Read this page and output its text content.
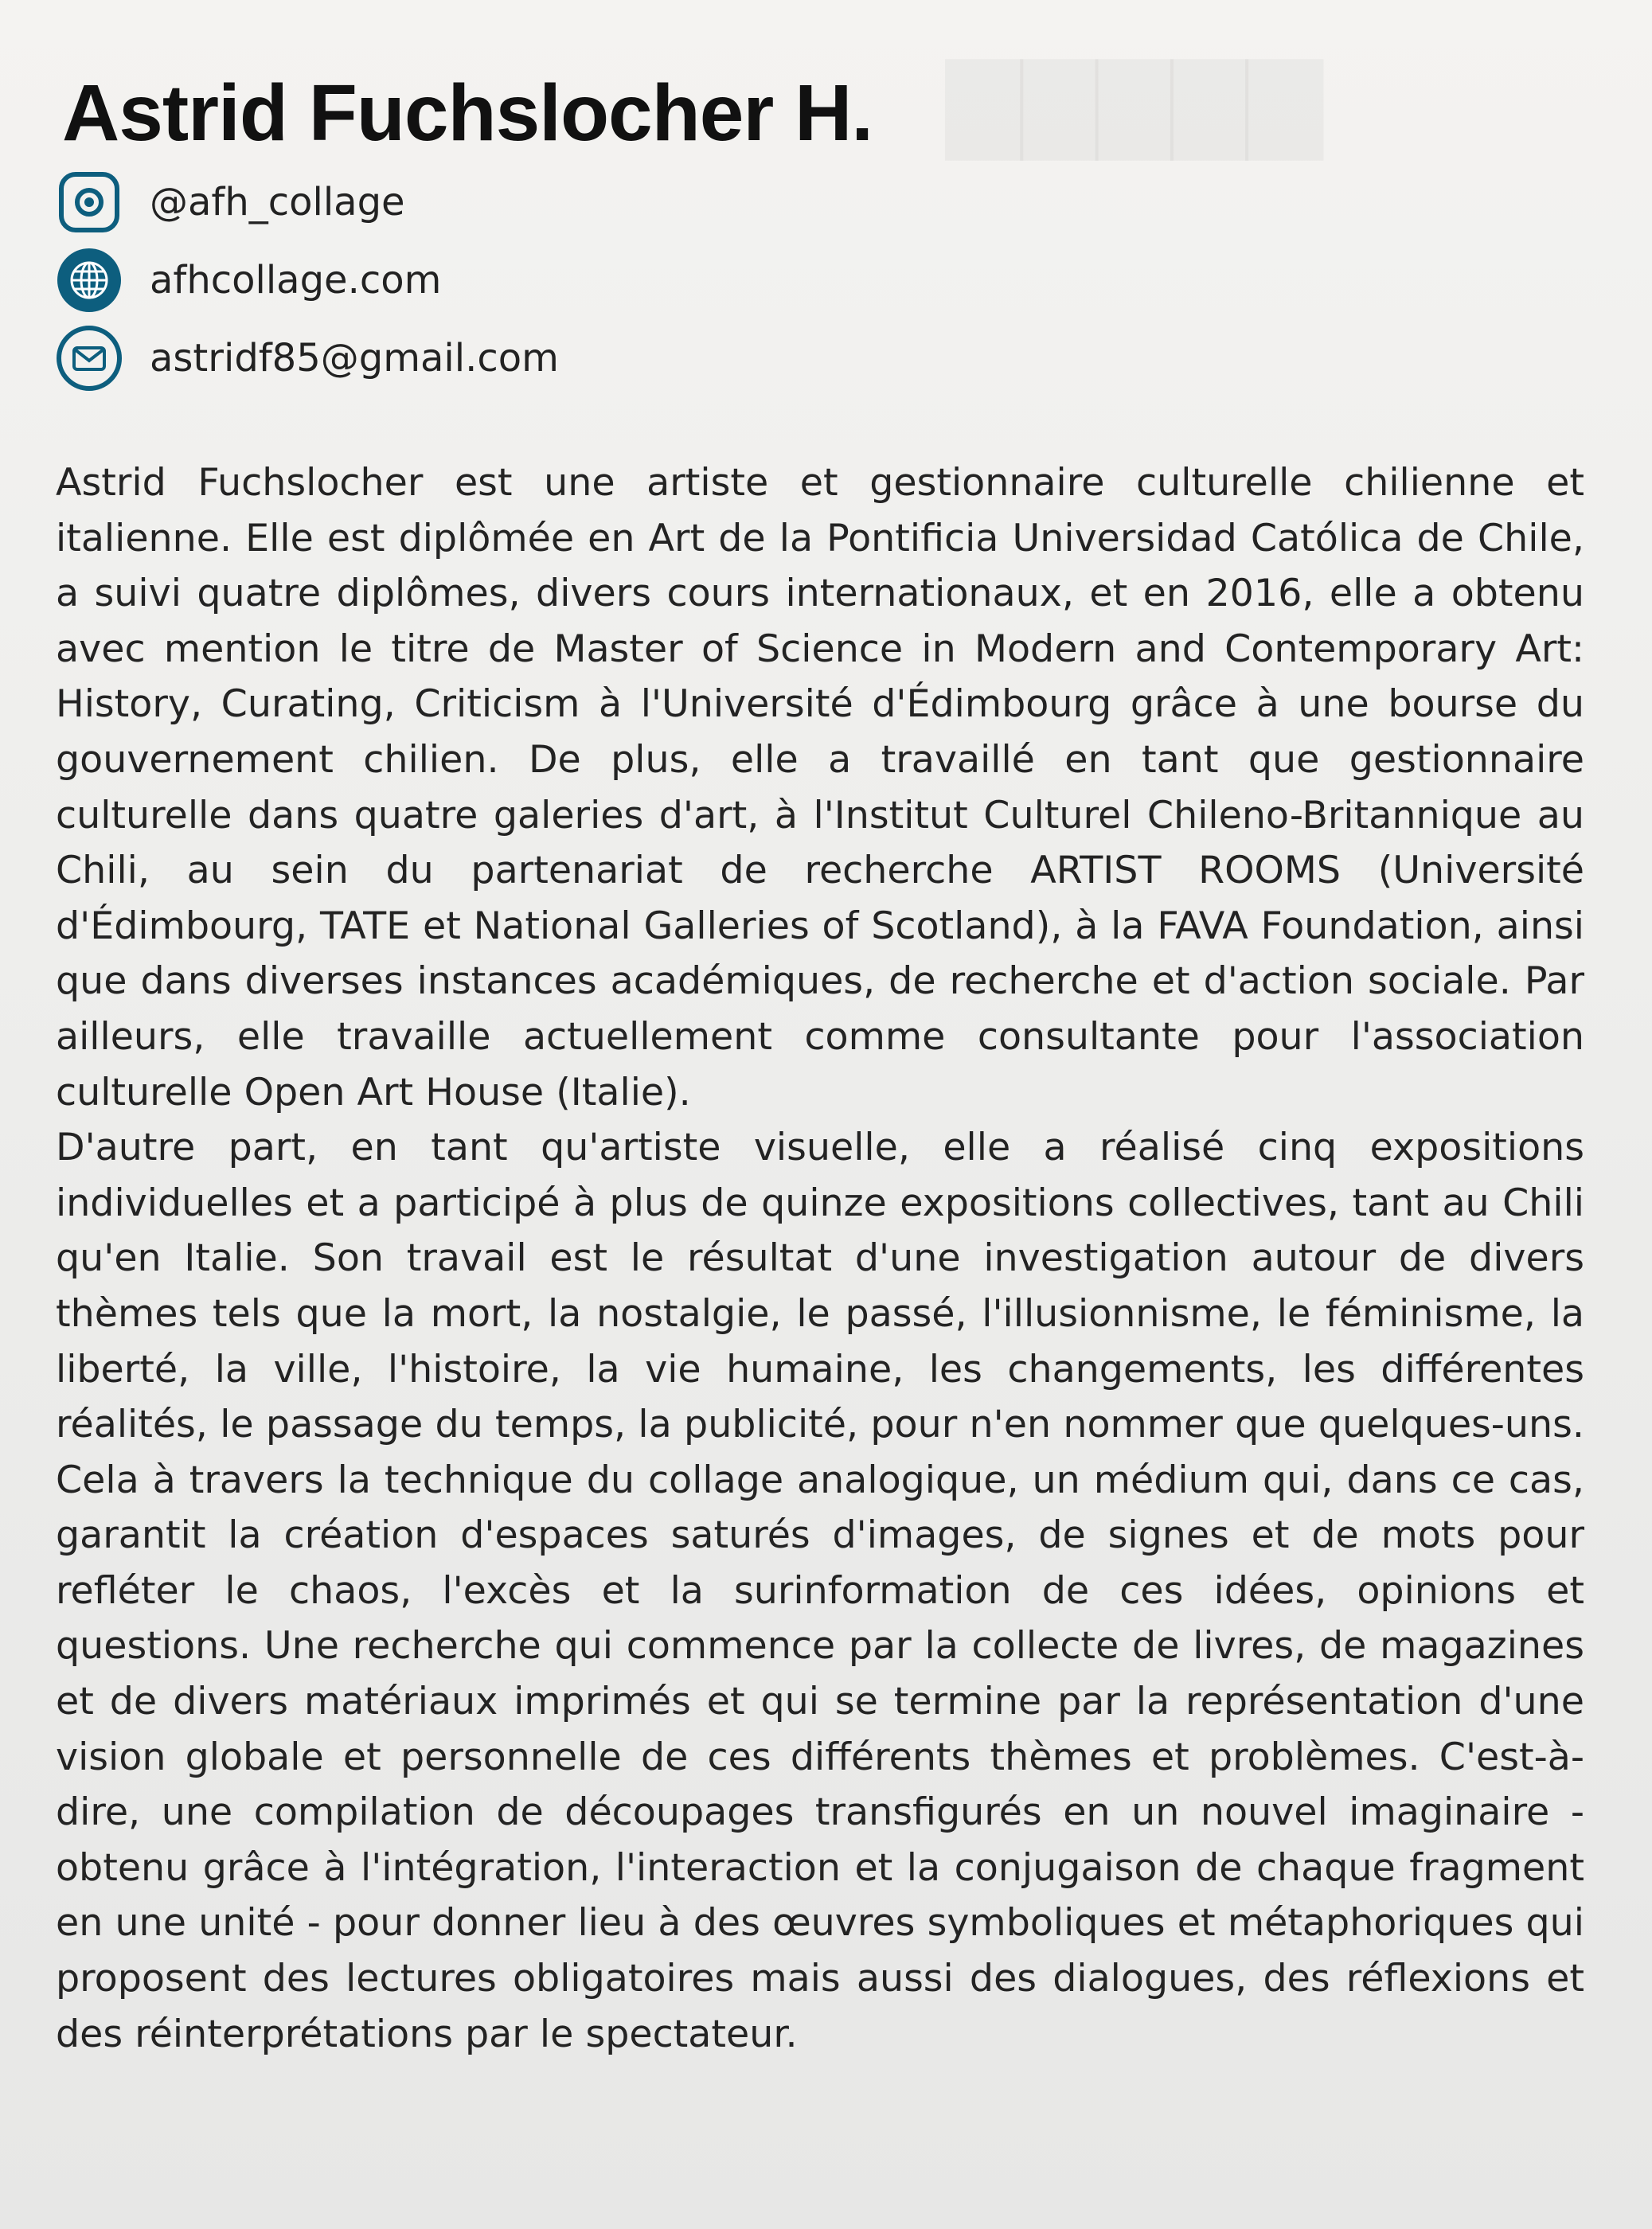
Astrid Fuchslocher H.
@afh_collage
afhcollage.com
astridf85@gmail.com

Astrid Fuchslocher est une artiste et gestionnaire culturelle chilienne et italienne. Elle est diplômée en Art de la Pontificia Universidad Católica de Chile, a suivi quatre diplômes, divers cours internationaux, et en 2016, elle a obtenu avec mention le titre de Master of Science in Modern and Contemporary Art: History, Curating, Criticism à l'Université d'Édimbourg grâce à une bourse du gouvernement chilien. De plus, elle a travaillé en tant que gestionnaire culturelle dans quatre galeries d'art, à l'Institut Culturel Chileno-Britannique au Chili, au sein du partenariat de recherche ARTIST ROOMS (Université d'Édimbourg, TATE et National Galleries of Scotland), à la FAVA Foundation, ainsi que dans diverses instances académiques, de recherche et d'action sociale. Par ailleurs, elle travaille actuellement comme consultante pour l'association culturelle Open Art House (Italie).

D'autre part, en tant qu'artiste visuelle, elle a réalisé cinq expositions individuelles et a participé à plus de quinze expositions collectives, tant au Chili qu'en Italie. Son travail est le résultat d'une investigation autour de divers thèmes tels que la mort, la nostalgie, le passé, l'illusionnisme, le féminisme, la liberté, la ville, l'histoire, la vie humaine, les changements, les différentes réalités, le passage du temps, la publicité, pour n'en nommer que quelques-uns. Cela à travers la technique du collage analogique, un médium qui, dans ce cas, garantit la création d'espaces saturés d'images, de signes et de mots pour refléter le chaos, l'excès et la surinformation de ces idées, opinions et questions. Une recherche qui commence par la collecte de livres, de magazines et de divers matériaux imprimés et qui se termine par la représentation d'une vision globale et personnelle de ces différents thèmes et problèmes. C'est-à-dire, une compilation de découpages transfigurés en un nouvel imaginaire - obtenu grâce à l'intégration, l'interaction et la conjugaison de chaque fragment en une unité - pour donner lieu à des œuvres symboliques et métaphoriques qui proposent des lectures obligatoires mais aussi des dialogues, des réflexions et des réinterprétations par le spectateur.
